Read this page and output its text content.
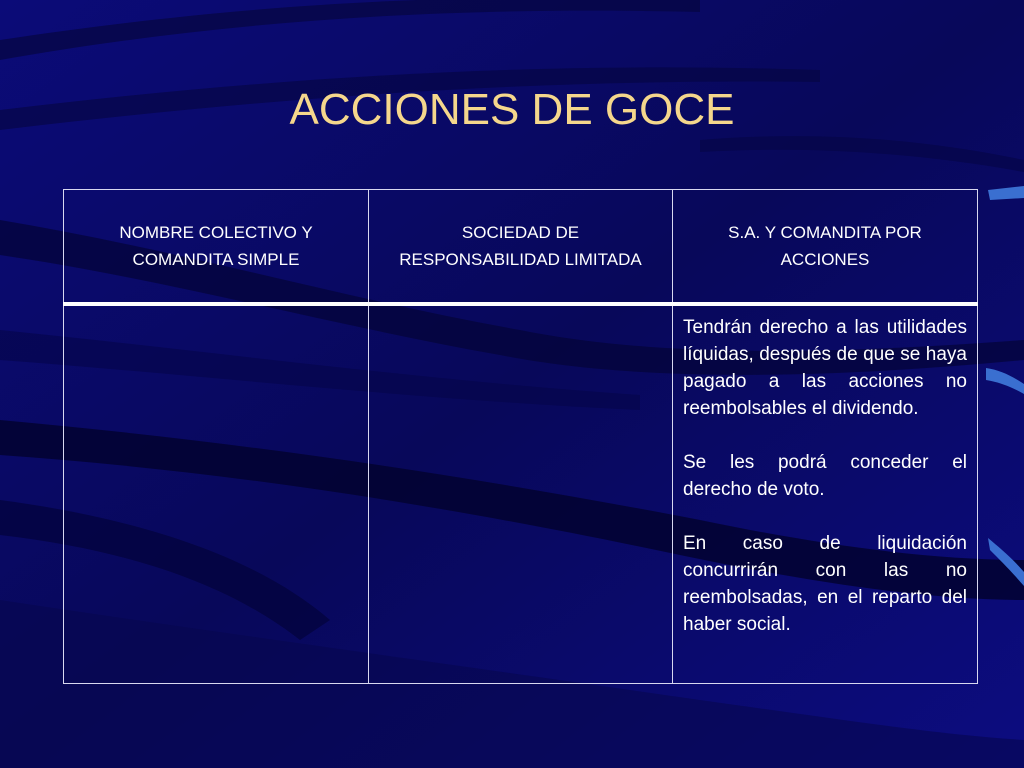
ACCIONES DE GOCE
NOMBRE COLECTIVO Y COMANDITA SIMPLE	SOCIEDAD DE RESPONSABILIDAD LIMITADA	S.A. Y COMANDITA POR ACCIONES

		Tendrán derecho a las utilidades líquidas, después de que se haya pagado a las acciones no reembolsables el dividendo.

Se les podrá conceder el derecho de voto.

En caso de liquidación concurrirán con las no reembolsadas, en el reparto del haber social.
